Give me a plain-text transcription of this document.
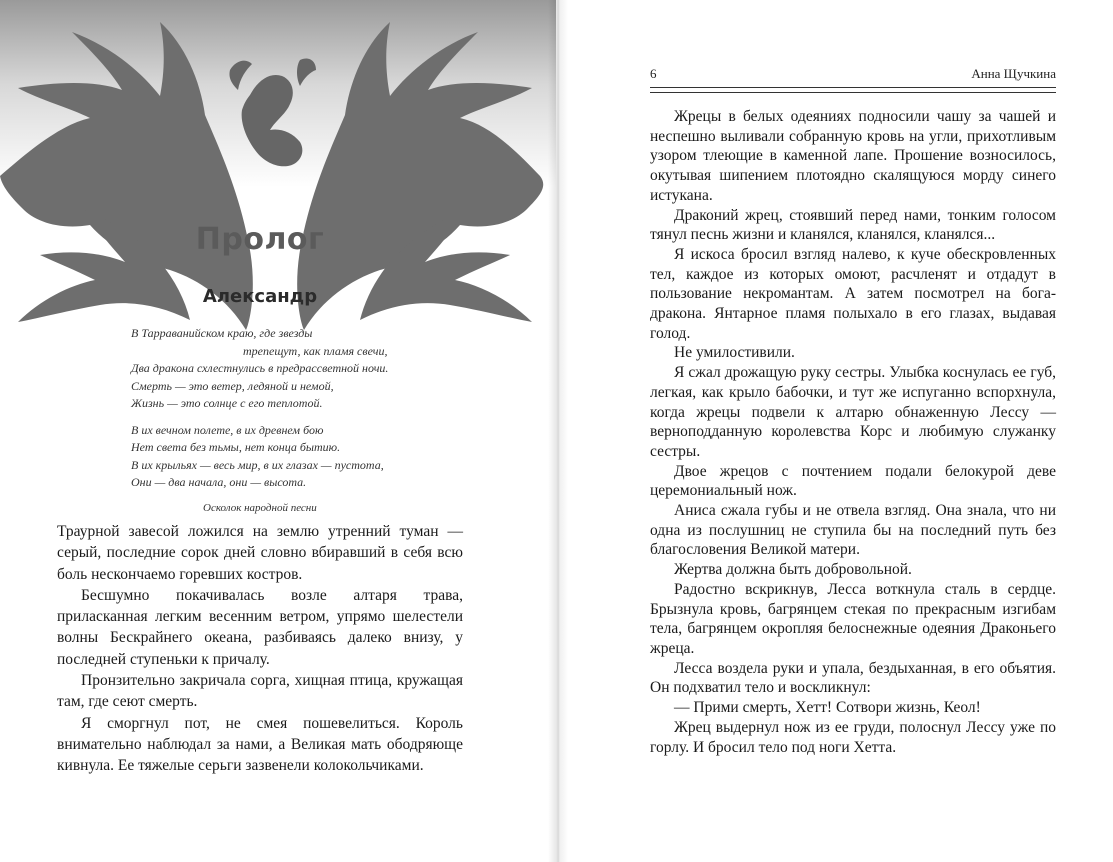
Пролог
Александр
В Тарраванийском краю, где звезды
трепещут, как пламя свечи,
Два дракона схлестнулись в предрассветной ночи.
Смерть — это ветер, ледяной и немой,
Жизнь — это солнце с его теплотой.
В их вечном полете, в их древнем бою
Нет света без тьмы, нет конца бытию.
В их крыльях — весь мир, в их глазах — пустота,
Они — два начала, они — высота.
Осколок народной песни

Траурной завесой ложился на землю утренний туман — серый, последние сорок дней словно вбиравший в себя всю боль нескончаемо горевших костров.

Бесшумно покачивалась возле алтаря трава, приласканная легким весенним ветром, упрямо шелестели волны Бескрайнего океана, разбиваясь далеко внизу, у последней ступеньки к причалу.

Пронзительно закричала сорга, хищная птица, кружащая там, где сеют смерть.

Я сморгнул пот, не смея пошевелиться. Король внимательно наблюдал за нами, а Великая мать ободряюще кивнула. Ее тяжелые серьги зазвенели колокольчиками.

6	Анна Щучкина

Жрецы в белых одеяниях подносили чашу за чашей и неспешно выливали собранную кровь на угли, прихотливым узором тлеющие в каменной лапе. Прошение возносилось, окутывая шипением плотоядно скалящуюся морду синего истукана.

Драконий жрец, стоявший перед нами, тонким голосом тянул песнь жизни и кланялся, кланялся, кланялся...

Я искоса бросил взгляд налево, к куче обескровленных тел, каждое из которых омоют, расчленят и отдадут в пользование некромантам. А затем посмотрел на бога-дракона. Янтарное пламя полыхало в его глазах, выдавая голод.

Не умилостивили.

Я сжал дрожащую руку сестры. Улыбка коснулась ее губ, легкая, как крыло бабочки, и тут же испуганно вспорхнула, когда жрецы подвели к алтарю обнаженную Лессу — верноподданную королевства Корс и любимую служанку сестры.

Двое жрецов с почтением подали белокурой деве церемониальный нож.

Аниса сжала губы и не отвела взгляд. Она знала, что ни одна из послушниц не ступила бы на последний путь без благословения Великой матери.

Жертва должна быть добровольной.

Радостно вскрикнув, Лесса воткнула сталь в сердце. Брызнула кровь, багрянцем стекая по прекрасным изгибам тела, багрянцем окропляя белоснежные одеяния Драконьего жреца.

Лесса воздела руки и упала, бездыханная, в его объятия. Он подхватил тело и воскликнул:

— Прими смерть, Хетт! Сотвори жизнь, Кеол!

Жрец выдернул нож из ее груди, полоснул Лессу уже по горлу. И бросил тело под ноги Хетта.
